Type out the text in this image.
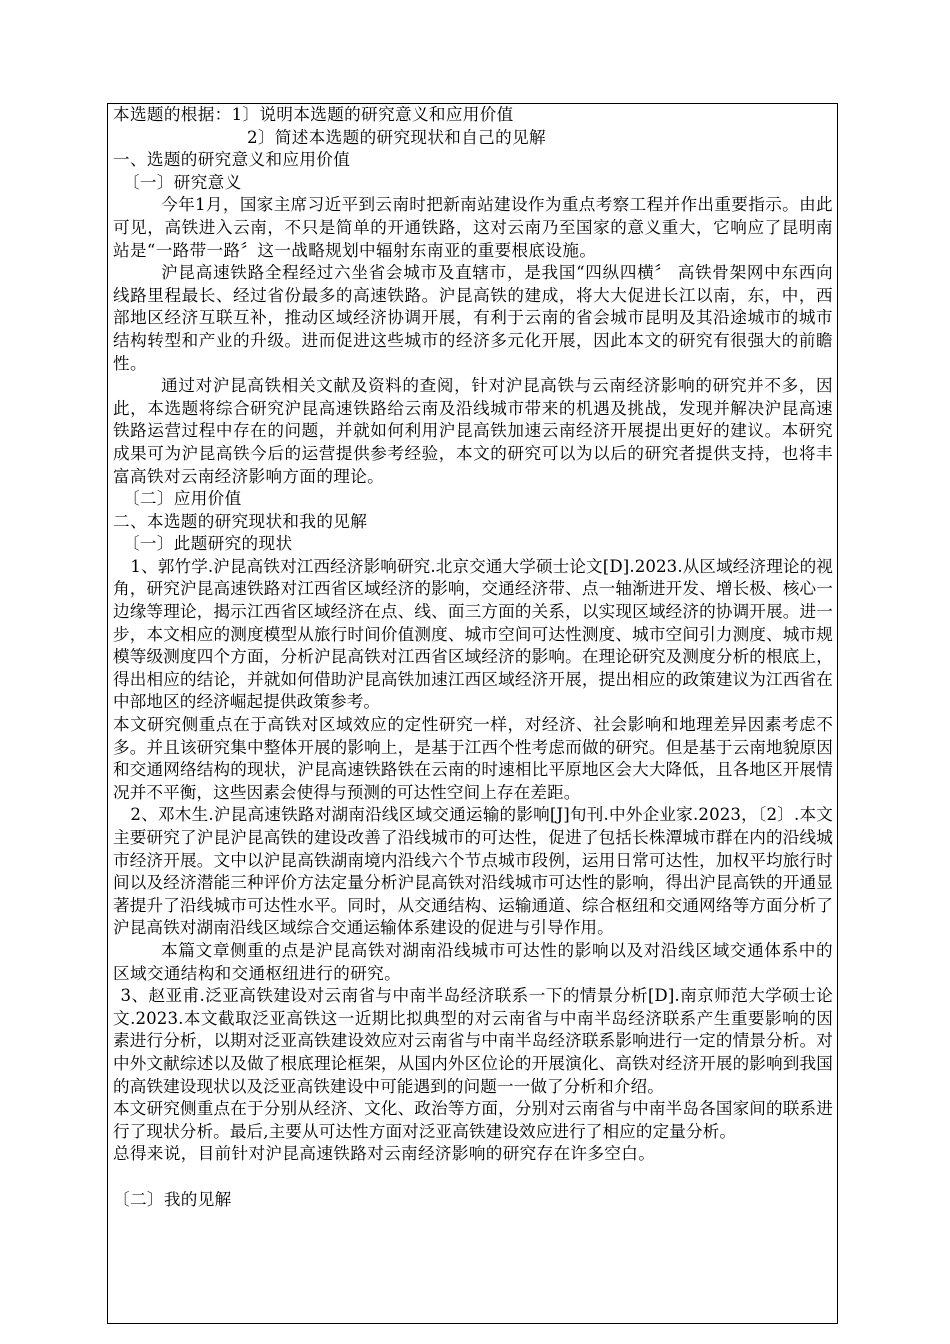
本选题的根据：1〕说明本选题的研究意义和应用价值

2〕简述本选题的研究现状和自己的见解

一、选题的研究意义和应用价值

〔一〕研究意义

今年1月，国家主席习近平到云南时把新南站建设作为重点考察工程并作出重要指示。由此可见，高铁进入云南，不只是简单的开通铁路，这对云南乃至国家的意义重大，它响应了昆明南站是“一路带一路〞这一战略规划中辐射东南亚的重要根底设施。

沪昆高速铁路全程经过六坐省会城市及直辖市，是我国“四纵四横〞 高铁骨架网中东西向线路里程最长、经过省份最多的高速铁路。沪昆高铁的建成，将大大促进长江以南，东，中，西部地区经济互联互补，推动区域经济协调开展，有利于云南的省会城市昆明及其沿途城市的城市结构转型和产业的升级。进而促进这些城市的经济多元化开展，因此本文的研究有很强大的前瞻性。

通过对沪昆高铁相关文献及资料的查阅，针对沪昆高铁与云南经济影响的研究并不多，因此，本选题将综合研究沪昆高速铁路给云南及沿线城市带来的机遇及挑战，发现并解决沪昆高速铁路运营过程中存在的问题，并就如何利用沪昆高铁加速云南经济开展提出更好的建议。本研究成果可为沪昆高铁今后的运营提供参考经验，本文的研究可以为以后的研究者提供支持，也将丰富高铁对云南经济影响方面的理论。

〔二〕应用价值

二、本选题的研究现状和我的见解

〔一〕此题研究的现状

1、郭竹学.沪昆高铁对江西经济影响研究.北京交通大学硕士论文[D].2023.从区域经济理论的视角，研究沪昆高速铁路对江西省区域经济的影响，交通经济带、点一轴渐进开发、增长极、核心一边缘等理论，揭示江西省区域经济在点、线、面三方面的关系，以实现区域经济的协调开展。进一步，本文相应的测度模型从旅行时间价值测度、城市空间可达性测度、城市空间引力测度、城市规模等级测度四个方面，分析沪昆高铁对江西省区域经济的影响。在理论研究及测度分析的根底上，得出相应的结论，并就如何借助沪昆高铁加速江西区域经济开展，提出相应的政策建议为江西省在中部地区的经济崛起提供政策参考。

本文研究侧重点在于高铁对区域效应的定性研究一样，对经济、社会影响和地理差异因素考虑不多。并且该研究集中整体开展的影响上，是基于江西个性考虑而做的研究。但是基于云南地貌原因和交通网络结构的现状，沪昆高速铁路铁在云南的时速相比平原地区会大大降低，且各地区开展情况并不平衡，这些因素会使得与预测的可达性空间上存在差距。

2、邓木生.沪昆高速铁路对湖南沿线区域交通运输的影响[J]旬刊.中外企业家.2023，〔2〕.本文主要研究了沪昆沪昆高铁的建设改善了沿线城市的可达性，促进了包括长株潭城市群在内的沿线城市经济开展。文中以沪昆高铁湖南境内沿线六个节点城市段例，运用日常可达性，加权平均旅行时间以及经济潜能三种评价方法定量分析沪昆高铁对沿线城市可达性的影响，得出沪昆高铁的开通显著提升了沿线城市可达性水平。同时，从交通结构、运输通道、综合枢纽和交通网络等方面分析了沪昆高铁对湖南沿线区域综合交通运输体系建设的促进与引导作用。

本篇文章侧重的点是沪昆高铁对湖南沿线城市可达性的影响以及对沿线区域交通体系中的区域交通结构和交通枢纽进行的研究。

3、赵亚甫.泛亚高铁建设对云南省与中南半岛经济联系一下的情景分析[D].南京师范大学硕士论文.2023.本文截取泛亚高铁这一近期比拟典型的对云南省与中南半岛经济联系产生重要影响的因素进行分析，以期对泛亚高铁建设效应对云南省与中南半岛经济联系影响进行一定的情景分析。对中外文献综述以及做了根底理论框架，从国内外区位论的开展演化、高铁对经济开展的影响到我国的高铁建设现状以及泛亚高铁建设中可能遇到的问题一一做了分析和介绍。

本文研究侧重点在于分别从经济、文化、政治等方面，分别对云南省与中南半岛各国家间的联系进行了现状分析。最后,主要从可达性方面对泛亚高铁建设效应进行了相应的定量分析。

总得来说，目前针对沪昆高速铁路对云南经济影响的研究存在许多空白。

〔二〕我的见解
